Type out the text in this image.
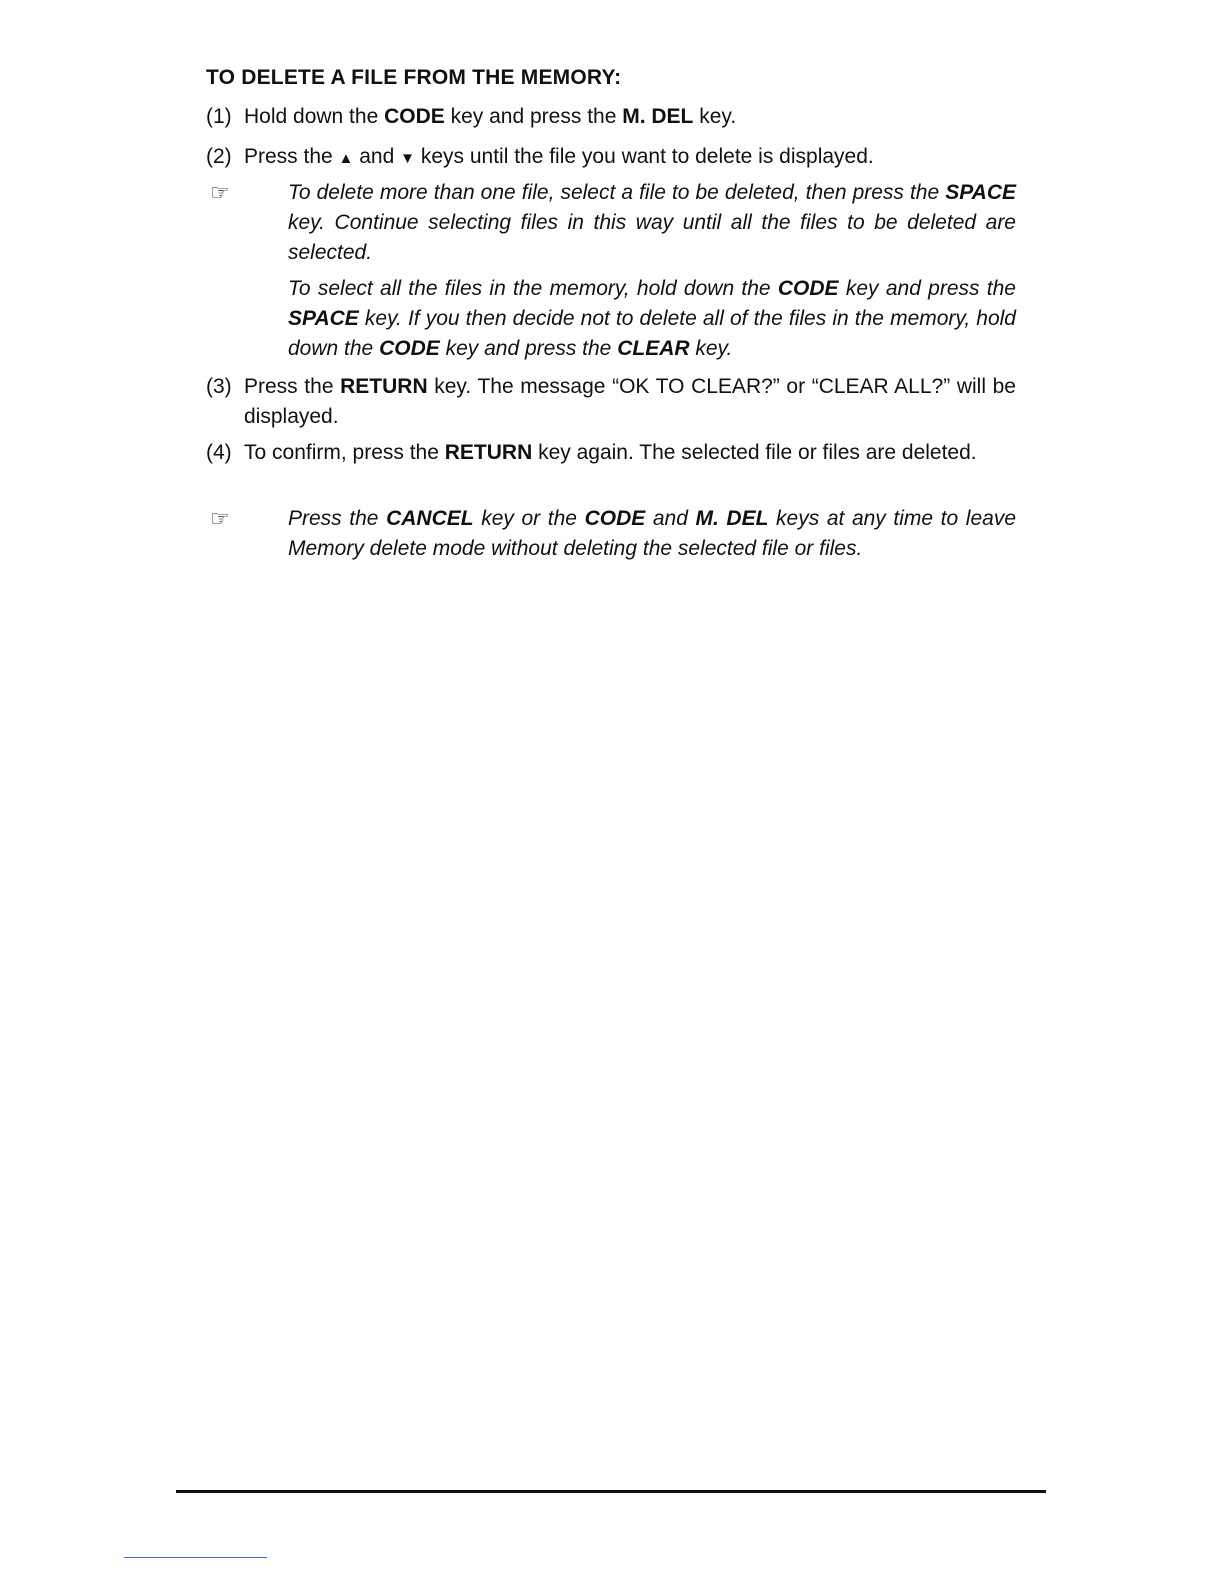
TO DELETE A FILE FROM THE MEMORY:
(1) Hold down the CODE key and press the M. DEL key.
(2) Press the ▲ and ▼ keys until the file you want to delete is displayed.
☞	To delete more than one file, select a file to be deleted, then press the SPACE key. Continue selecting files in this way until all the files to be deleted are selected.
To select all the files in the memory, hold down the CODE key and press the SPACE key. If you then decide not to delete all of the files in the memory, hold down the CODE key and press the CLEAR key.
(3) Press the RETURN key. The message “OK TO CLEAR?” or “CLEAR ALL?” will be displayed.
(4) To confirm, press the RETURN key again. The selected file or files are deleted.
☞	Press the CANCEL key or the CODE and M. DEL keys at any time to leave Memory delete mode without deleting the selected file or files.
